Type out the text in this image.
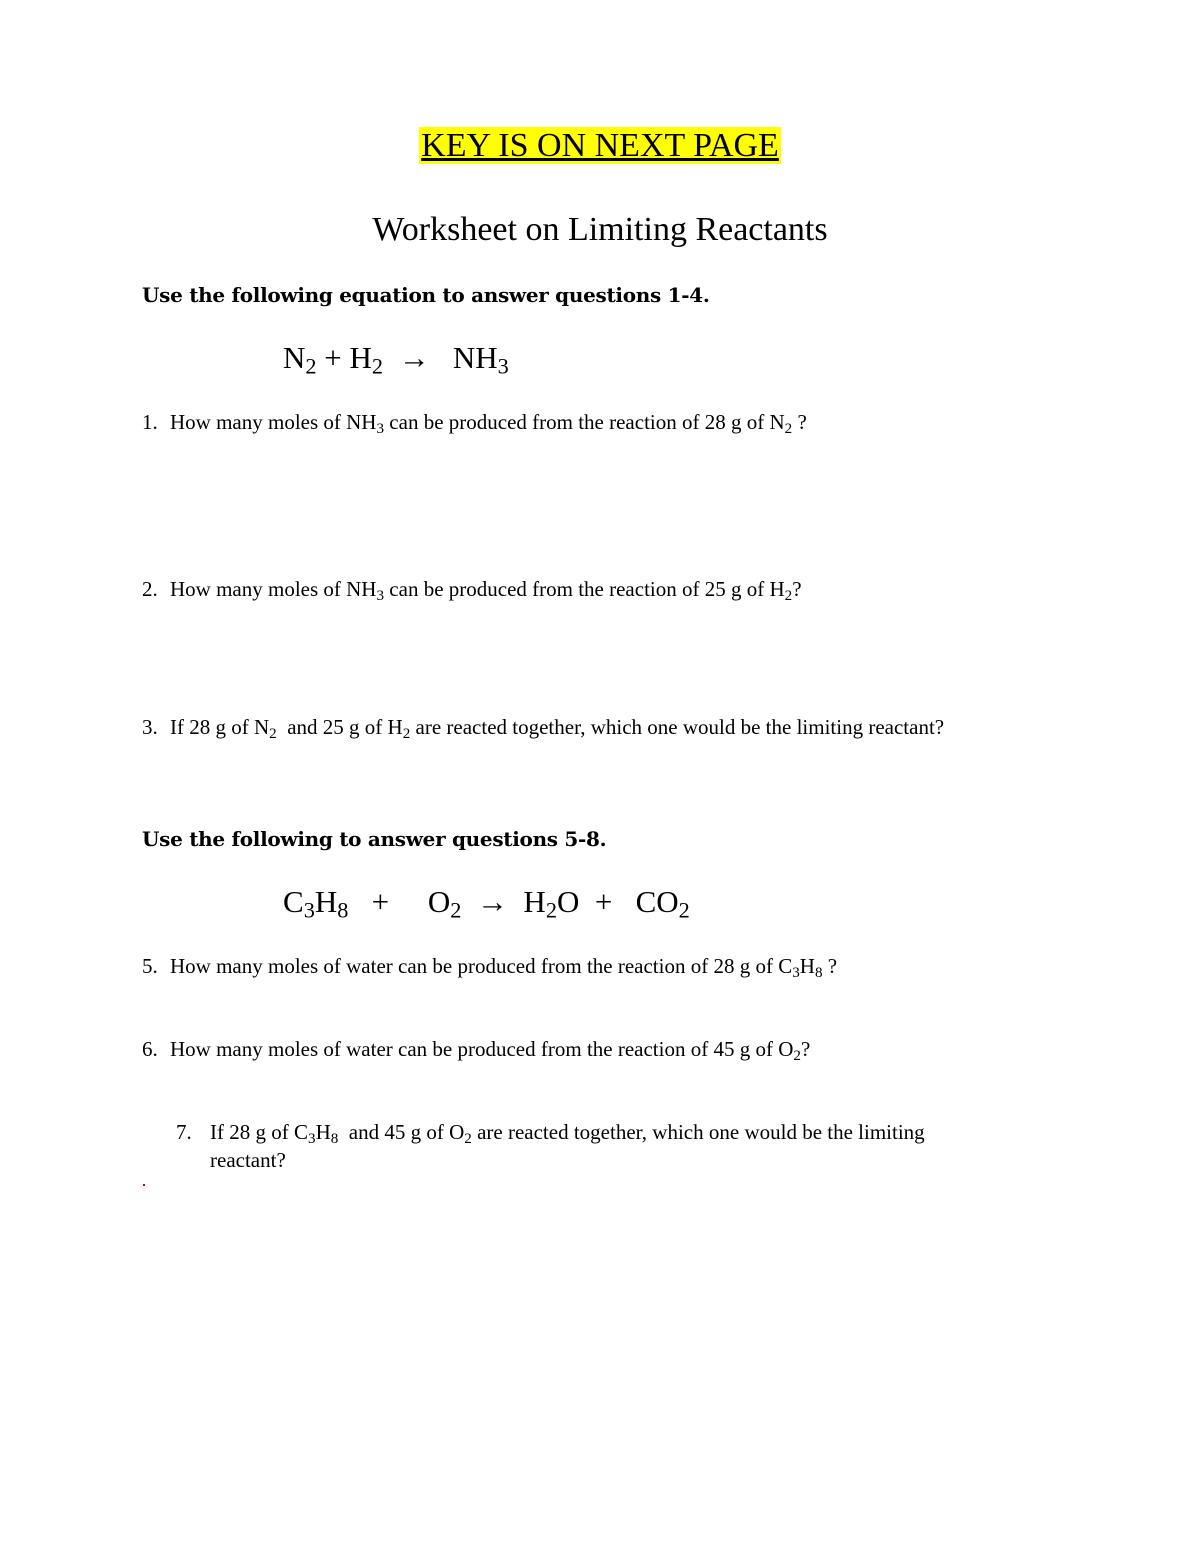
KEY IS ON NEXT PAGE
Worksheet on Limiting Reactants
Use the following equation to answer questions 1-4.
$N_2 + H_2 \to NH_3$
1. How many moles of $NH_3$ can be produced from the reaction of 28 g of $N_2$ ?
2. How many moles of $NH_3$ can be produced from the reaction of 25 g of $H_2$?
3. If 28 g of $N_2$  and 25 g of $H_2$ are reacted together, which one would be the limiting reactant?
Use the following to answer questions 5-8.
$C_3H_8 + O_2 \to H_2O + CO_2$
5. How many moles of water can be produced from the reaction of 28 g of $C_3H_8$ ?
6. How many moles of water can be produced from the reaction of 45 g of $O_2$?
7. If 28 g of $C_3H_8$  and 45 g of $O_2$ are reacted together, which one would be the limiting
reactant?
